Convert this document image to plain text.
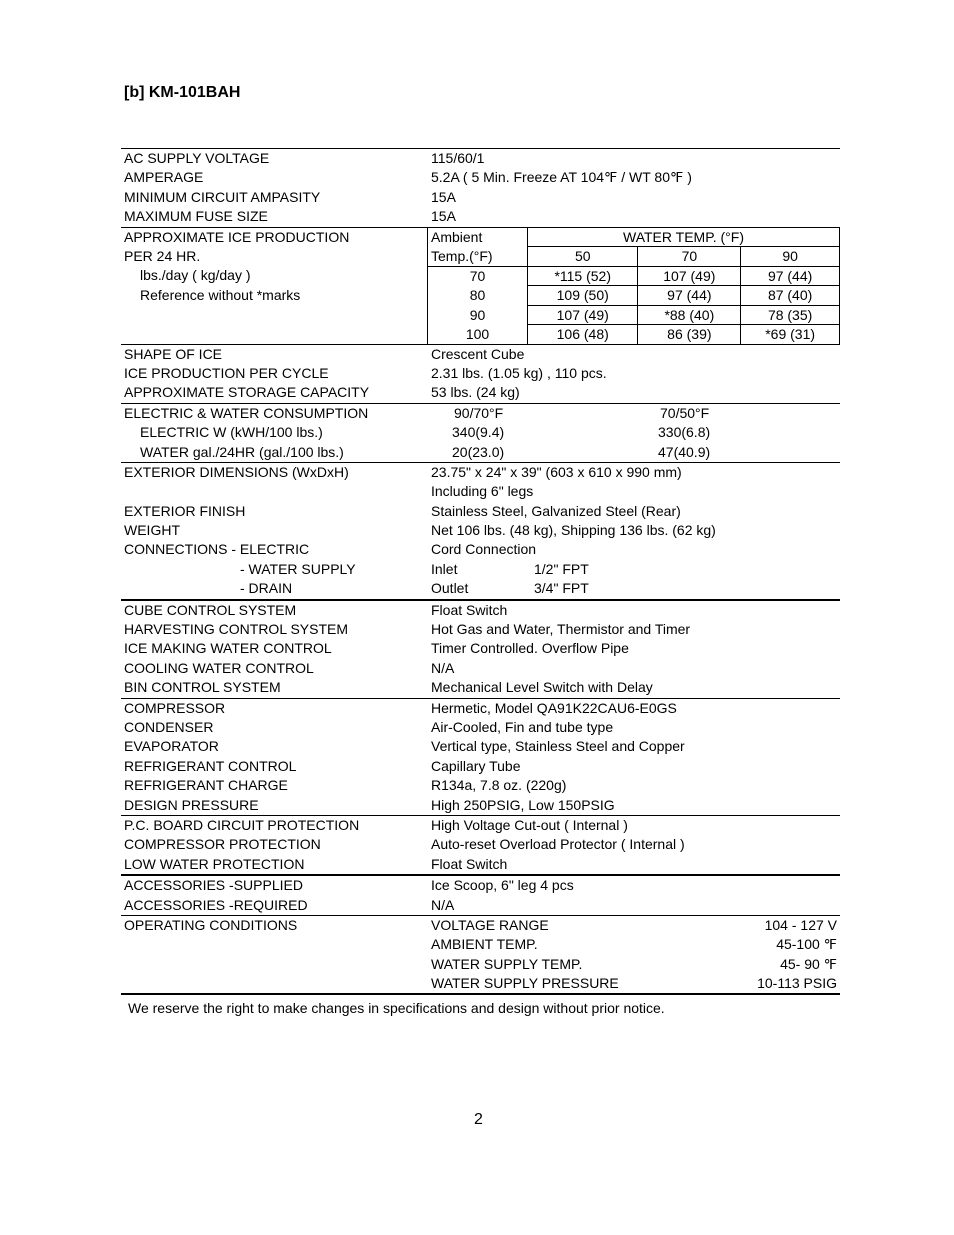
[b] KM-101BAH
AC SUPPLY VOLTAGE	115/60/1
AMPERAGE	5.2A ( 5 Min. Freeze AT 104℉ / WT 80℉ )
MINIMUM CIRCUIT AMPASITY	15A
MAXIMUM FUSE SIZE	15A
APPROXIMATE ICE PRODUCTION
PER 24 HR.
lbs./day ( kg/day )
Reference without *marks
Ambient	WATER TEMP. (°F)		
Temp.(°F)	50	70	90
70	*115 (52)	107 (49)	97 (44)
80	109 (50)	97 (44)	87 (40)
90	107 (49)	*88 (40)	78 (35)
100	106 (48)	86 (39)	*69 (31)
SHAPE OF ICE	Crescent Cube
ICE PRODUCTION PER CYCLE	2.31 lbs. (1.05 kg) , 110 pcs.
APPROXIMATE STORAGE CAPACITY	53 lbs. (24 kg)
ELECTRIC & WATER CONSUMPTION	90/70°F	70/50°F
ELECTRIC W (kWH/100 lbs.)	340(9.4)	330(6.8)
WATER gal./24HR (gal./100 lbs.)	20(23.0)	47(40.9)
EXTERIOR DIMENSIONS (WxDxH)	23.75" x 24" x 39" (603 x 610 x 990 mm)
Including 6" legs
EXTERIOR FINISH	Stainless Steel, Galvanized Steel (Rear)
WEIGHT	Net 106 lbs. (48 kg), Shipping 136 lbs. (62 kg)
CONNECTIONS - ELECTRIC	Cord Connection
- WATER SUPPLY	Inlet	1/2" FPT
- DRAIN	Outlet	3/4" FPT
CUBE CONTROL SYSTEM	Float Switch
HARVESTING CONTROL SYSTEM	Hot Gas and Water, Thermistor and Timer
ICE MAKING WATER CONTROL	Timer Controlled. Overflow Pipe
COOLING WATER CONTROL	N/A
BIN CONTROL SYSTEM	Mechanical Level Switch with Delay
COMPRESSOR	Hermetic, Model QA91K22CAU6-E0GS
CONDENSER	Air-Cooled, Fin and tube type
EVAPORATOR	Vertical type, Stainless Steel and Copper
REFRIGERANT CONTROL	Capillary Tube
REFRIGERANT CHARGE	R134a, 7.8 oz. (220g)
DESIGN PRESSURE	High 250PSIG, Low 150PSIG
P.C. BOARD CIRCUIT PROTECTION	High Voltage Cut-out ( Internal )
COMPRESSOR PROTECTION	Auto-reset Overload Protector ( Internal )
LOW WATER PROTECTION	Float Switch
ACCESSORIES -SUPPLIED	Ice Scoop, 6" leg 4 pcs
ACCESSORIES -REQUIRED	N/A
OPERATING CONDITIONS	VOLTAGE RANGE	104 - 127 V
AMBIENT TEMP.	45-100 ℉
WATER SUPPLY TEMP.	45- 90 ℉
WATER SUPPLY PRESSURE	10-113 PSIG
We reserve the right to make changes in specifications and design without prior notice.
2
